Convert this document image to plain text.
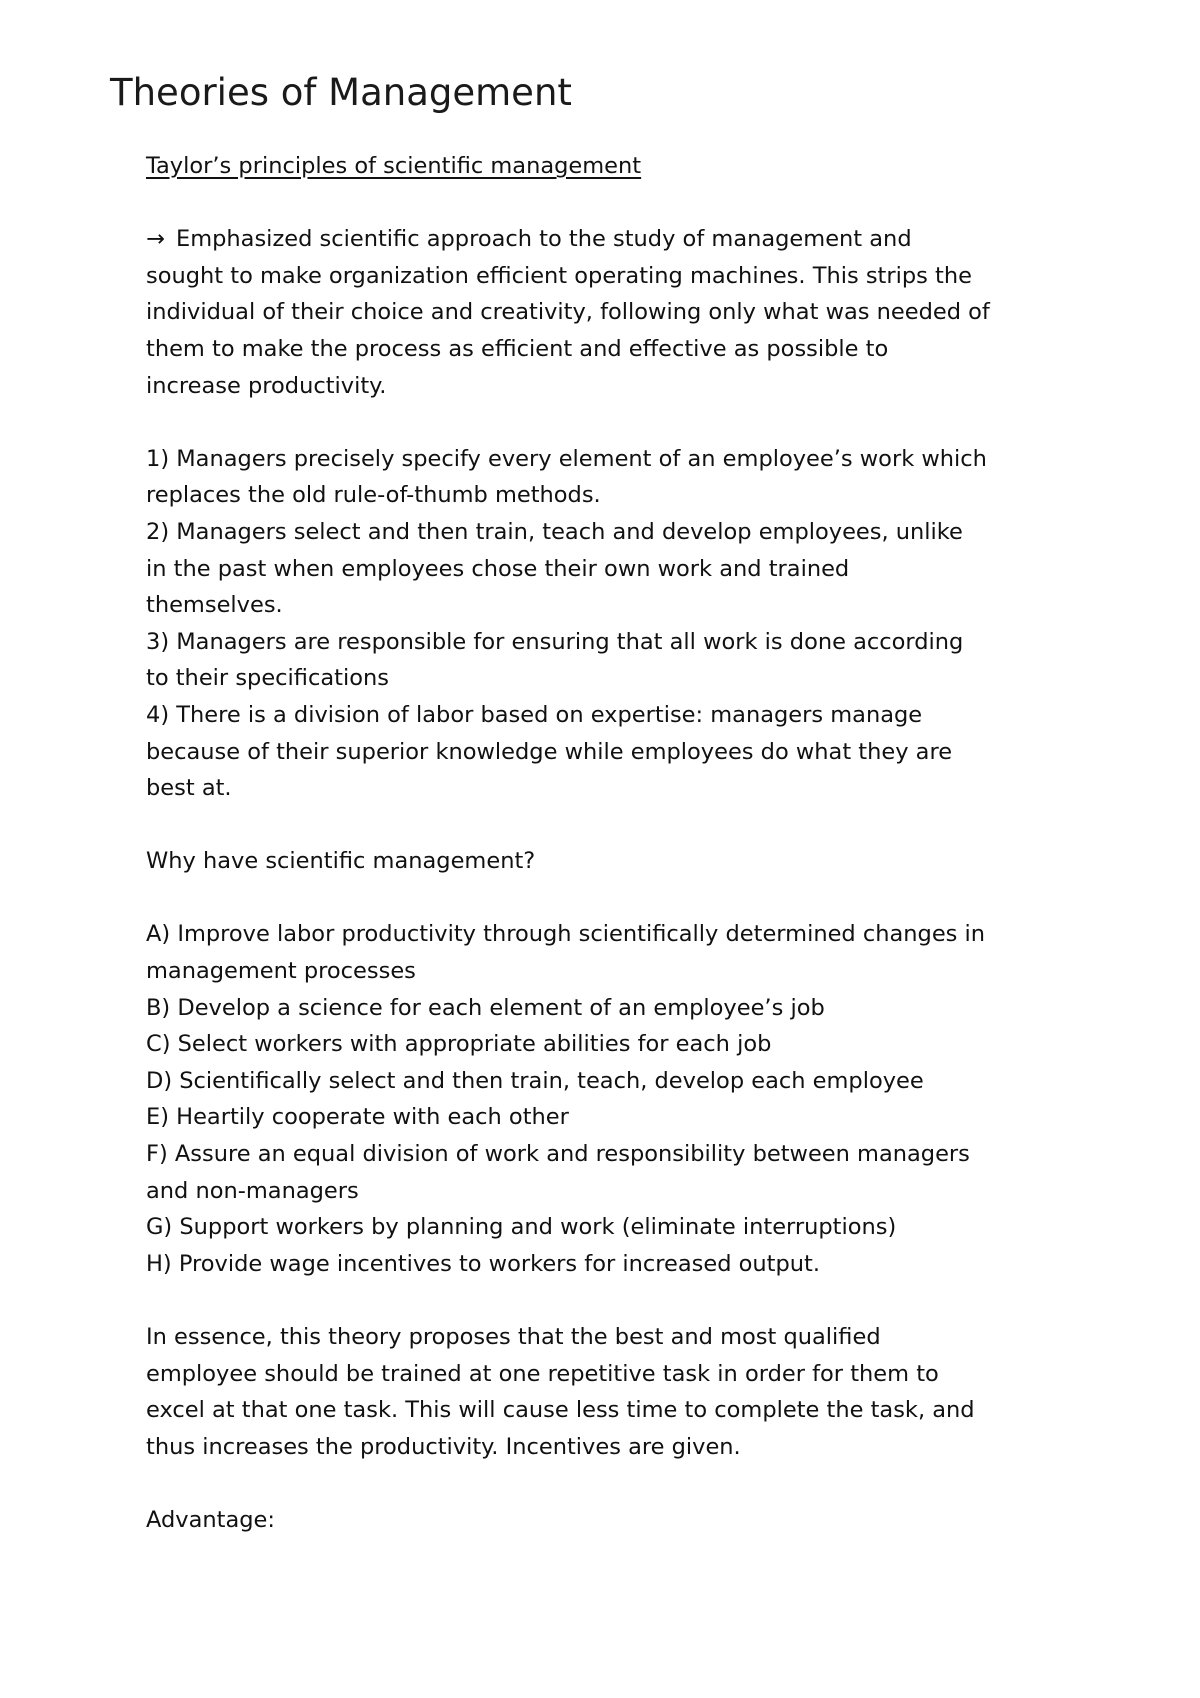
Theories of Management
Taylor’s principles of scientific management
→ Emphasized scientific approach to the study of management and
sought to make organization efficient operating machines. This strips the
individual of their choice and creativity, following only what was needed of
them to make the process as efficient and effective as possible to
increase productivity.
1) Managers precisely specify every element of an employee’s work which
replaces the old rule-of-thumb methods.
2) Managers select and then train, teach and develop employees, unlike
in the past when employees chose their own work and trained
themselves.
3) Managers are responsible for ensuring that all work is done according
to their specifications
4) There is a division of labor based on expertise: managers manage
because of their superior knowledge while employees do what they are
best at.
Why have scientific management?
A) Improve labor productivity through scientifically determined changes in
management processes
B) Develop a science for each element of an employee’s job
C) Select workers with appropriate abilities for each job
D) Scientifically select and then train, teach, develop each employee
E) Heartily cooperate with each other
F) Assure an equal division of work and responsibility between managers
and non-managers
G) Support workers by planning and work (eliminate interruptions)
H) Provide wage incentives to workers for increased output.
In essence, this theory proposes that the best and most qualified
employee should be trained at one repetitive task in order for them to
excel at that one task. This will cause less time to complete the task, and
thus increases the productivity. Incentives are given.
Advantage:
